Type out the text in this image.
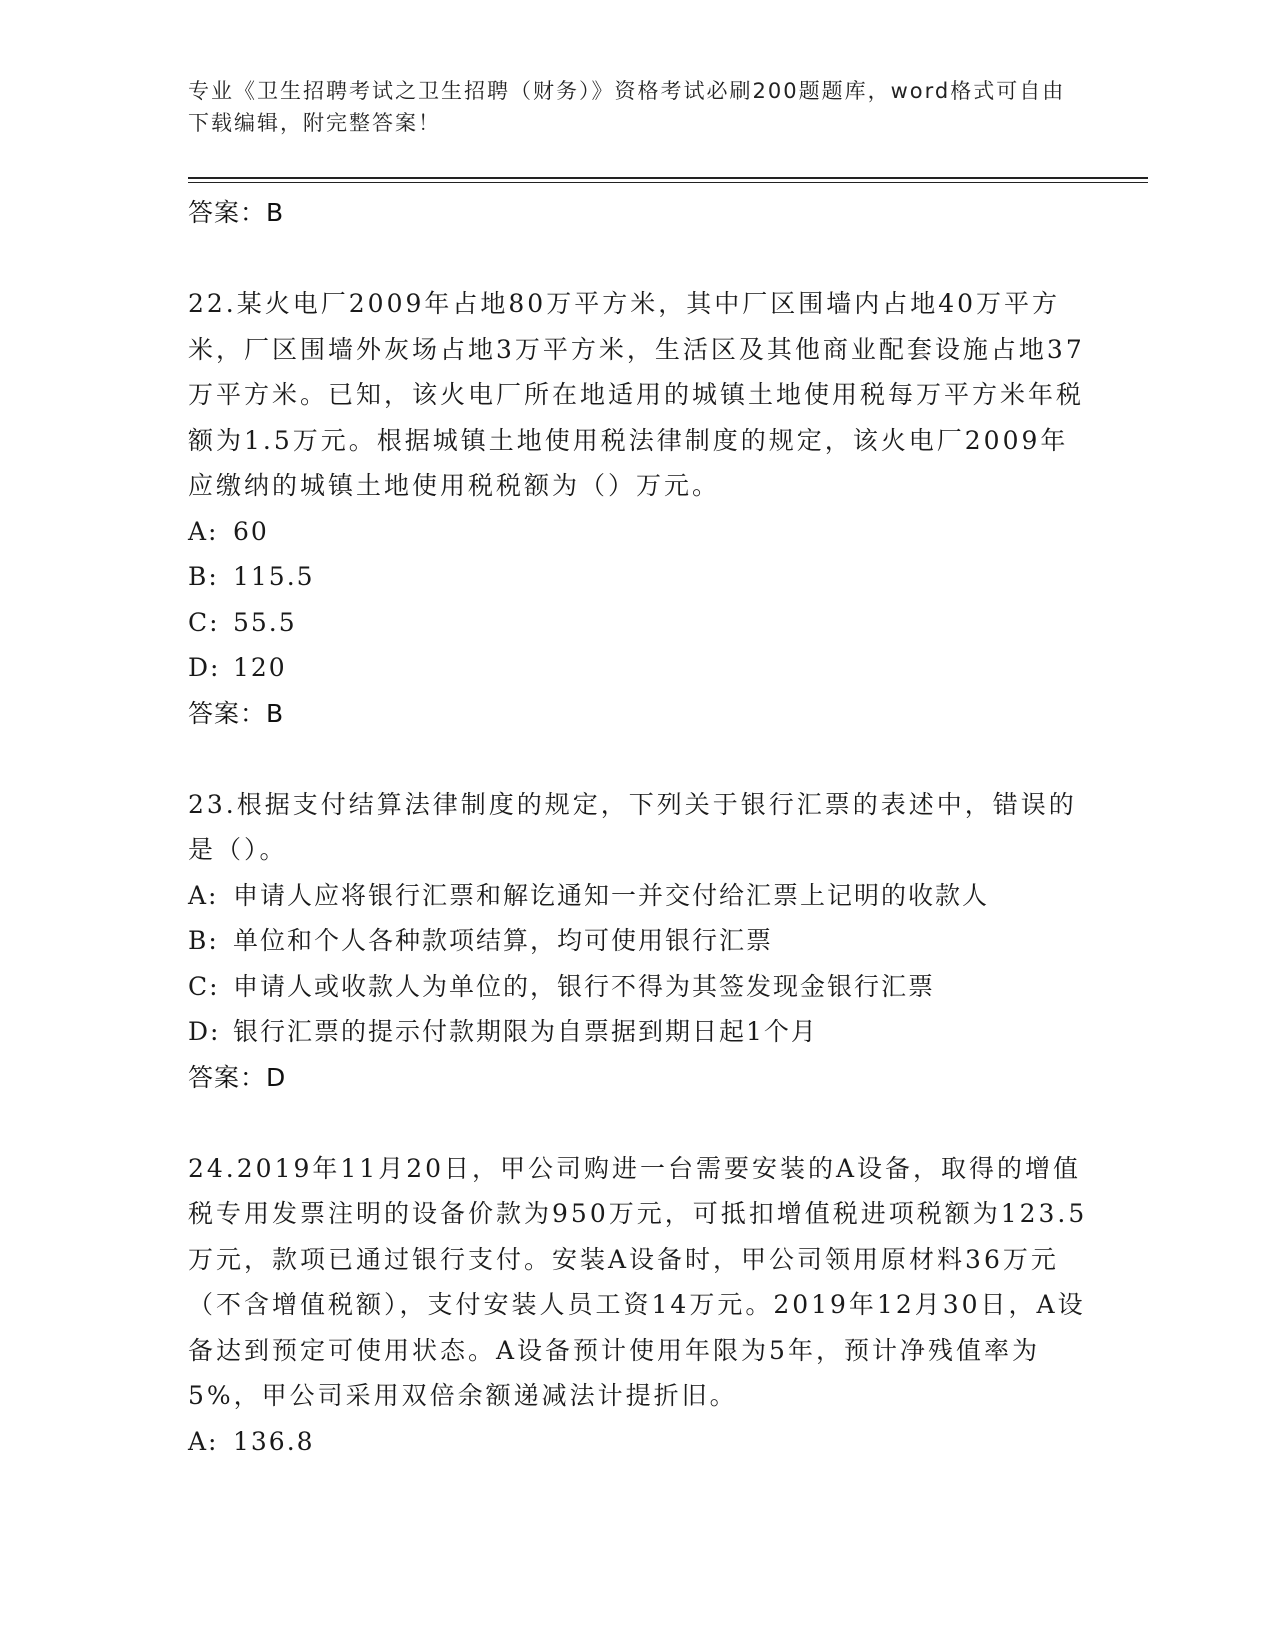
专业《卫生招聘考试之卫生招聘（财务）》资格考试必刷200题题库，word格式可自由下载编辑，附完整答案！
答案：B

22.某火电厂2009年占地80万平方米，其中厂区围墙内占地40万平方米，厂区围墙外灰场占地3万平方米，生活区及其他商业配套设施占地37万平方米。已知，该火电厂所在地适用的城镇土地使用税每万平方米年税额为1.5万元。根据城镇土地使用税法律制度的规定，该火电厂2009年应缴纳的城镇土地使用税税额为（）万元。

A: 60
B: 115.5
C: 55.5
D: 120
答案：B

23.根据支付结算法律制度的规定，下列关于银行汇票的表述中，错误的是（）。

A: 申请人应将银行汇票和解讫通知一并交付给汇票上记明的收款人
B: 单位和个人各种款项结算，均可使用银行汇票
C: 申请人或收款人为单位的，银行不得为其签发现金银行汇票
D: 银行汇票的提示付款期限为自票据到期日起1个月
答案：D

24.2019年11月20日，甲公司购进一台需要安装的A设备，取得的增值税专用发票注明的设备价款为950万元，可抵扣增值税进项税额为123.5万元，款项已通过银行支付。安装A设备时，甲公司领用原材料36万元（不含增值税额），支付安装人员工资14万元。2019年12月30日，A设备达到预定可使用状态。A设备预计使用年限为5年，预计净残值率为5%，甲公司采用双倍余额递减法计提折旧。

A: 136.8
